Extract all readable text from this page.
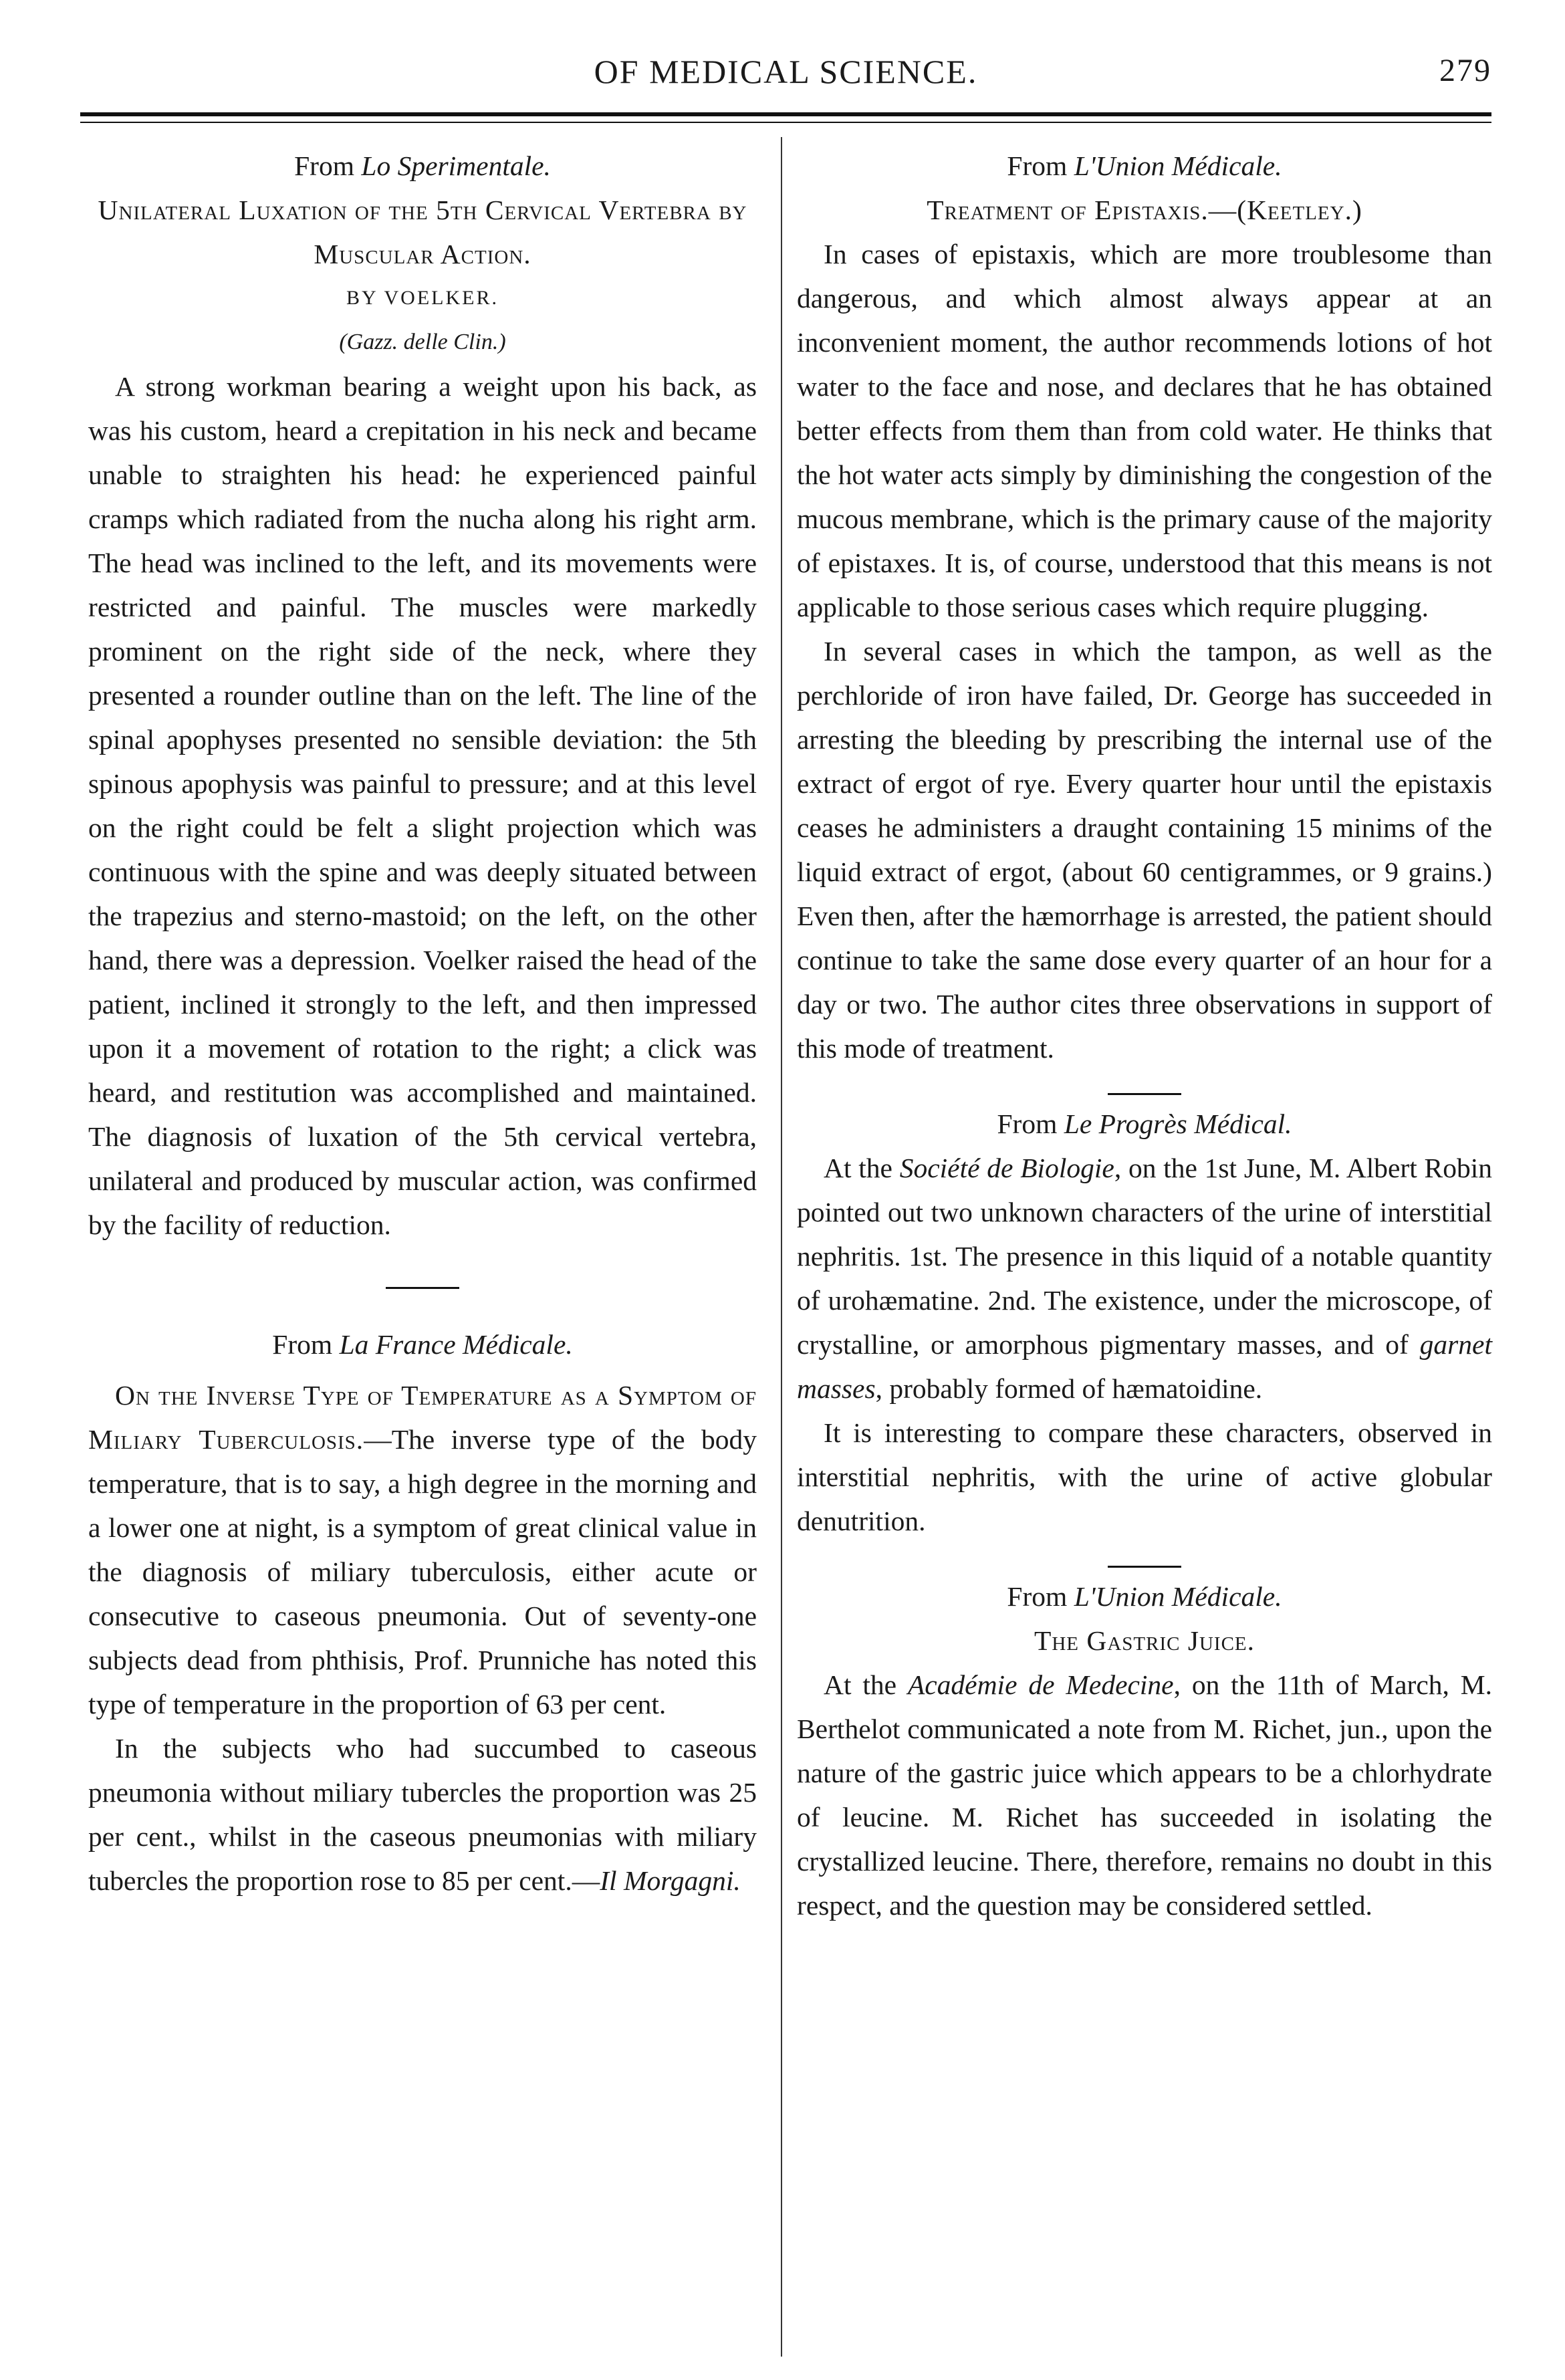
OF MEDICAL SCIENCE.	279

From Lo Sperimentale.

Unilateral Luxation of the 5th Cervical Vertebra by Muscular Action.

BY VOELKER.

(Gazz. delle Clin.)

A strong workman bearing a weight upon his back, as was his custom, heard a crepitation in his neck and became unable to straighten his head: he experienced painful cramps which radiated from the nucha along his right arm. The head was inclined to the left, and its movements were restricted and painful. The muscles were markedly prominent on the right side of the neck, where they presented a rounder outline than on the left. The line of the spinal apophyses presented no sensible deviation: the 5th spinous apophysis was painful to pressure; and at this level on the right could be felt a slight projection which was continuous with the spine and was deeply situated between the trapezius and sterno-mastoid; on the left, on the other hand, there was a depression. Voelker raised the head of the patient, inclined it strongly to the left, and then impressed upon it a movement of rotation to the right; a click was heard, and restitution was accomplished and maintained. The diagnosis of luxation of the 5th cervical vertebra, unilateral and produced by muscular action, was confirmed by the facility of reduction.

From La France Médicale.

On the Inverse Type of Temperature as a Symptom of Miliary Tuberculosis.—The inverse type of the body temperature, that is to say, a high degree in the morning and a lower one at night, is a symptom of great clinical value in the diagnosis of miliary tuberculosis, either acute or consecutive to caseous pneumonia. Out of seventy-one subjects dead from phthisis, Prof. Prunniche has noted this type of temperature in the proportion of 63 per cent.

In the subjects who had succumbed to caseous pneumonia without miliary tubercles the proportion was 25 per cent., whilst in the caseous pneumonias with miliary tubercles the proportion rose to 85 per cent.—Il Morgagni.

From L'Union Médicale.

Treatment of Epistaxis.—(Keetley.)

In cases of epistaxis, which are more troublesome than dangerous, and which almost always appear at an inconvenient moment, the author recommends lotions of hot water to the face and nose, and declares that he has obtained better effects from them than from cold water. He thinks that the hot water acts simply by diminishing the congestion of the mucous membrane, which is the primary cause of the majority of epistaxes. It is, of course, understood that this means is not applicable to those serious cases which require plugging.

In several cases in which the tampon, as well as the perchloride of iron have failed, Dr. George has succeeded in arresting the bleeding by prescribing the internal use of the extract of ergot of rye. Every quarter hour until the epistaxis ceases he administers a draught containing 15 minims of the liquid extract of ergot, (about 60 centigrammes, or 9 grains.) Even then, after the hæmorrhage is arrested, the patient should continue to take the same dose every quarter of an hour for a day or two. The author cites three observations in support of this mode of treatment.

From Le Progrès Médical.

At the Société de Biologie, on the 1st June, M. Albert Robin pointed out two unknown characters of the urine of interstitial nephritis. 1st. The presence in this liquid of a notable quantity of urohæmatine. 2nd. The existence, under the microscope, of crystalline, or amorphous pigmentary masses, and of garnet masses, probably formed of hæmatoidine.

It is interesting to compare these characters, observed in interstitial nephritis, with the urine of active globular denutrition.

From L'Union Médicale.

The Gastric Juice.

At the Académie de Medecine, on the 11th of March, M. Berthelot communicated a note from M. Richet, jun., upon the nature of the gastric juice which appears to be a chlorhydrate of leucine. M. Richet has succeeded in isolating the crystallized leucine. There, therefore, remains no doubt in this respect, and the question may be considered settled.
